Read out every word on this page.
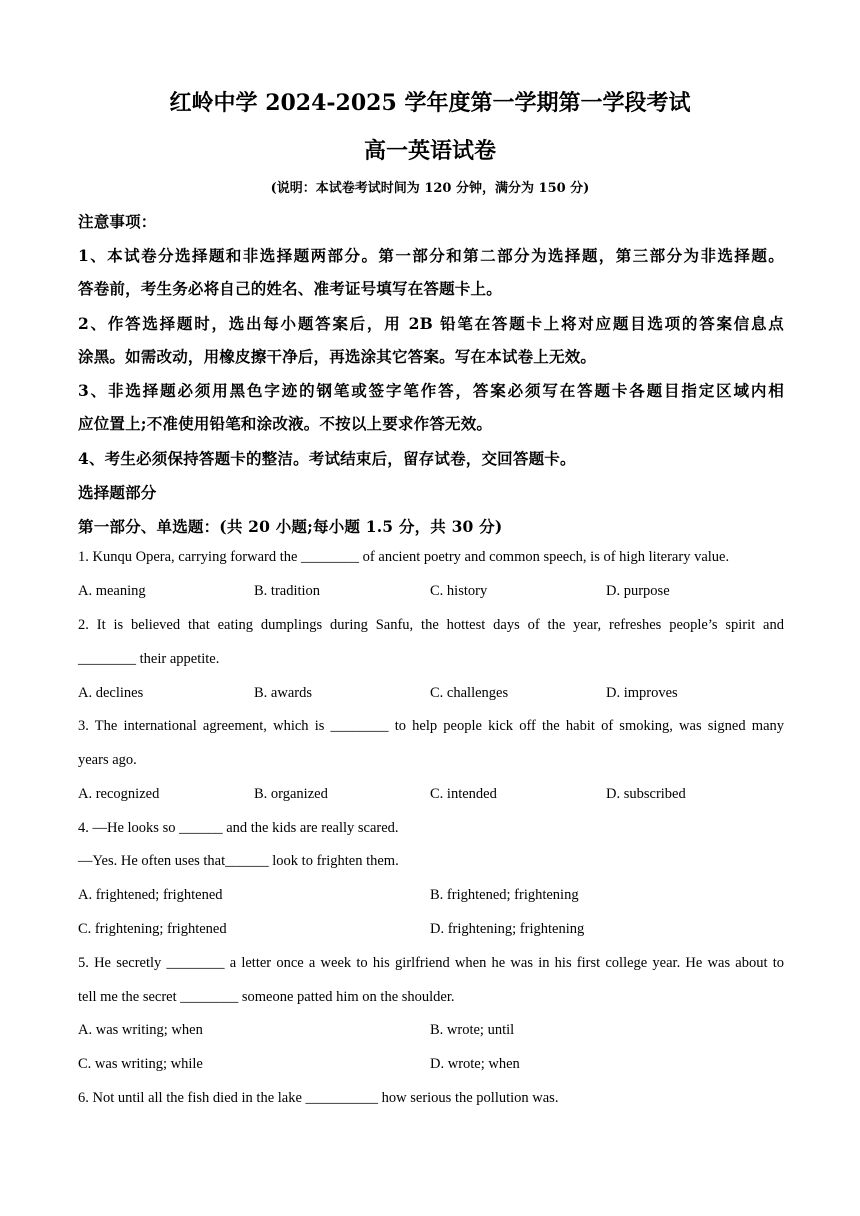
红岭中学 2024-2025 学年度第一学期第一学段考试
高一英语试卷
(说明：本试卷考试时间为 120 分钟，满分为 150 分)
注意事项：
1、本试卷分选择题和非选择题两部分。第一部分和第二部分为选择题，第三部分为非选择题。
答卷前，考生务必将自己的姓名、准考证号填写在答题卡上。
2、作答选择题时，选出每小题答案后，用 2B 铅笔在答题卡上将对应题目选项的答案信息点
涂黑。如需改动，用橡皮擦干净后，再选涂其它答案。写在本试卷上无效。
3、非选择题必须用黑色字迹的钢笔或签字笔作答，答案必须写在答题卡各题目指定区域内相
应位置上;不准使用铅笔和涂改液。不按以上要求作答无效。
4、考生必须保持答题卡的整洁。考试结束后，留存试卷，交回答题卡。
选择题部分
第一部分、单选题：(共 20 小题;每小题 1.5 分，共 30 分)
1. Kunqu Opera, carrying forward the ________ of ancient poetry and common speech, is of high literary value.
A. meaning	B. tradition	C. history	D. purpose
2. It is believed that eating dumplings during Sanfu, the hottest days of the year, refreshes people’s spirit and
________ their appetite.
A. declines	B. awards	C. challenges	D. improves
3. The international agreement, which is ________ to help people kick off the habit of smoking, was signed many
years ago.
A. recognized	B. organized	C. intended	D. subscribed
4. —He looks so ______ and the kids are really scared.
—Yes. He often uses that______ look to frighten them.
A. frightened; frightened	B. frightened; frightening
C. frightening; frightened	D. frightening; frightening
5. He secretly ________ a letter once a week to his girlfriend when he was in his first college year. He was about to
tell me the secret ________ someone patted him on the shoulder.
A. was writing; when	B. wrote; until
C. was writing; while	D. wrote; when
6. Not until all the fish died in the lake __________ how serious the pollution was.
